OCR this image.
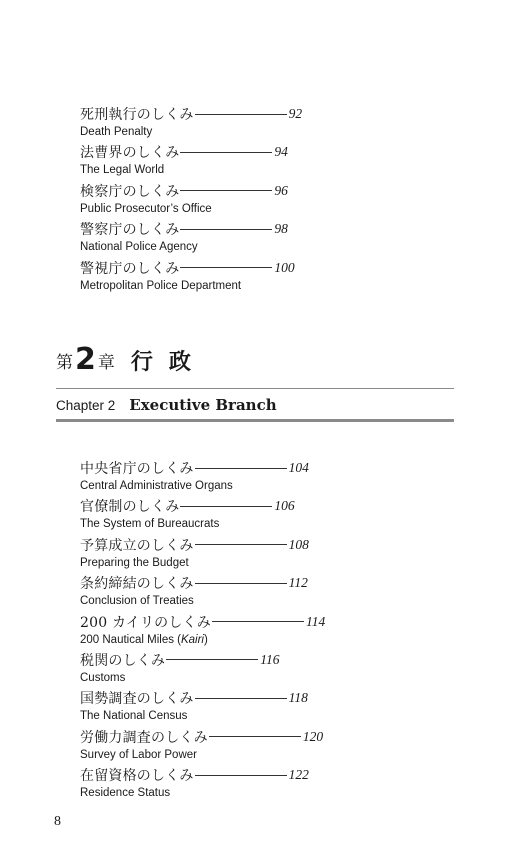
死刑執行のしくみ	92
Death Penalty
法曹界のしくみ	94
The Legal World
検察庁のしくみ	96
Public Prosecutor’s Office
警察庁のしくみ	98
National Police Agency
警視庁のしくみ	100
Metropolitan Police Department
第 2 章 行政
Chapter 2 Executive Branch
中央省庁のしくみ	104
Central Administrative Organs
官僚制のしくみ	106
The System of Bureaucrats
予算成立のしくみ	108
Preparing the Budget
条約締結のしくみ	112
Conclusion of Treaties
200 カイリのしくみ	114
200 Nautical Miles (Kairi)
税関のしくみ	116
Customs
国勢調査のしくみ	118
The National Census
労働力調査のしくみ	120
Survey of Labor Power
在留資格のしくみ	122
Residence Status
8
